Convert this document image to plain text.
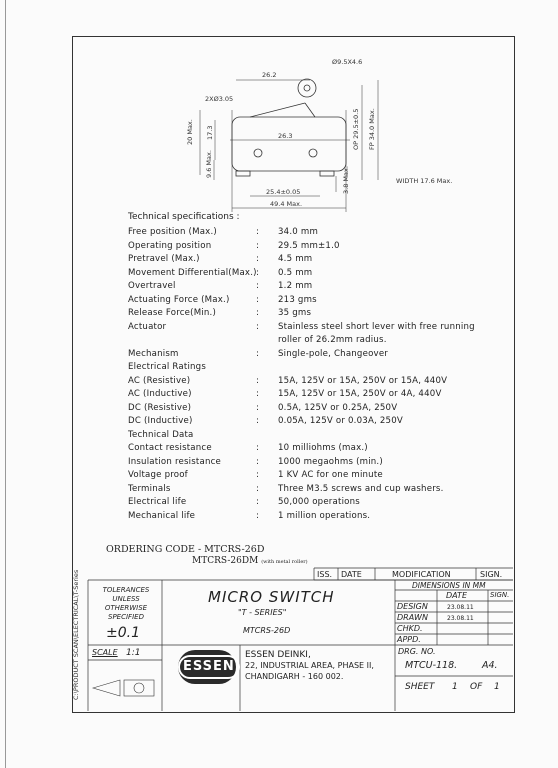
26.2
Ø9.5X4.6
2XØ3.05
26.3
25.4±0.05
49.4 Max.
WIDTH 17.6 Max.
20 Max. 17.3
9.6 Max.
OP 29.5±0.5 FP 34.0 Max.
3.8 Max.
Technical specifications :
Free position (Max.)	: 34.0 mm
Operating position	: 29.5 mm±1.0
Pretravel (Max.)	: 4.5 mm
Movement Differential(Max.) : 0.5 mm
Overtravel	: 1.2 mm
Actuating Force (Max.)	: 213 gms
Release Force(Min.)	: 35 gms
Actuator	: Stainless steel short lever with free running
roller of 26.2mm radius.
Mechanism	: Single-pole, Changeover
Electrical Ratings
AC (Resistive)	: 15A, 125V or 15A, 250V or 15A, 440V
AC (Inductive)	: 15A, 125V or 15A, 250V or 4A, 440V
DC (Resistive)	: 0.5A, 125V or 0.25A, 250V
DC (Inductive)	: 0.05A, 125V or 0.03A, 250V
Technical Data
Contact resistance	: 10 milliohms (max.)
Insulation resistance	: 1000 megaohms (min.)
Voltage proof	: 1 KV AC for one minute
Terminals	: Three M3.5 screws and cup washers.
Electrical life	: 50,000 operations
Mechanical life	: 1 million operations.
ORDERING CODE - MTCRS-26D
MTCRS-26DM (with metal roller)
ISS. DATE	MODIFICATION	SIGN.
TOLERANCES
UNLESS
OTHERWISE
SPECIFIED
±0.1
MICRO SWITCH
"T - SERIES"
MTCRS-26D
DIMENSIONS IN MM
DATE	SIGN.
DESIGN	23.08.11
DRAWN	23.08.11
CHKD.
APPD.
SCALE 1:1
ESSEN
ESSEN DEINKI,
22, INDUSTRIAL AREA, PHASE II,
CHANDIGARH - 160 002.
DRG. NO.
MTCU-118.	A4.
SHEET 1 OF 1
C:\PRODUCT SCAN\ELECTRICAL\T-Series
